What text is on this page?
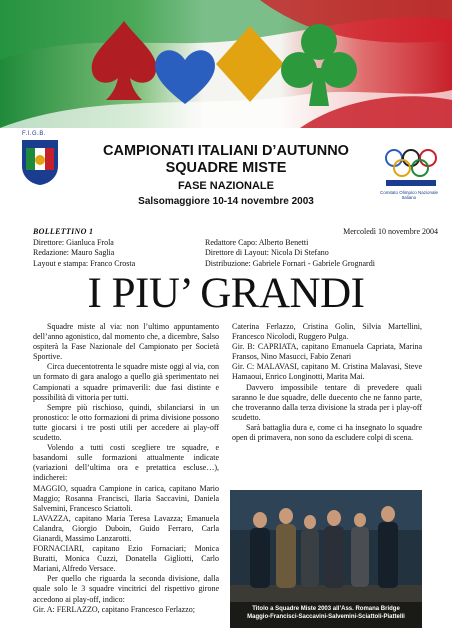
F.I.G.B.
Comitato Olimpico Nazionale Italiano
CAMPIONATI ITALIANI D’AUTUNNO
SQUADRE MISTE
FASE NAZIONALE
Salsomaggiore 10-14 novembre 2003
BOLLETTINO 1	Mercoledì 10 novembre 2004
Direttore: Gianluca Frola
Redazione: Mauro Saglia
Layout e stampa: Franco Crosta
Redattore Capo: Alberto Benetti
Direttore di Layout: Nicola Di Stefano
Distribuzione: Gabriele Fornari - Gabriele Grognardi
I PIU’ GRANDI

Squadre miste al via: non l’ultimo appuntamento dell’anno agonistico, dal momento che, a dicembre, Salso ospiterà la Fase Nazionale del Campionato per Società Sportive.

Circa duecentotrenta le squadre miste oggi al via, con un formato di gara analogo a quello già sperimentato nei Campionati a squadre primaverili: due fasi distinte e possibilità di vittoria per tutti.

Sempre più rischioso, quindi, sbilanciarsi in un pronostico: le otto formazioni di prima divisione possono tutte giocarsi i tre posti utili per accedere ai play-off scudetto.

Volendo a tutti costi scegliere tre squadre, e basandomi sulle formazioni attualmente indicate (variazioni dell’ultima ora e pretattica escluse…), indicherei:

MAGGIO, squadra Campione in carica, capitano Mario Maggio; Rosanna Francisci, Ilaria Saccavini, Daniela Salvemini, Francesco Sciattoli.

LAVAZZA, capitano Maria Teresa Lavazza; Emanuela Calandra, Giorgio Duboin, Guido Ferraro, Carla Gianardi, Massimo Lanzarotti.

FORNACIARI, capitano Ezio Fornaciari; Monica Buratti, Monica Cuzzi, Donatella Gigliotti, Carlo Mariani, Alfredo Versace.

Per quello che riguarda la seconda divisione, dalla quale solo le 3 squadre vincitrici del rispettivo girone accedono ai play-off, indico:

Gir. A: FERLAZZO, capitano Francesco Ferlazzo;

Caterina Ferlazzo, Cristina Golin, Silvia Martellini, Francesco Nicolodi, Ruggero Pulga.

Gir. B: CAPRIATA, capitano Emanuela Capriata, Marina Fransos, Nino Masucci, Fabio Zenari

Gir. C: MALAVASI, capitano M. Cristina Malavasi, Steve Hamaoui, Enrico Longinotti, Marita Mai.

Davvero impossibile tentare di prevedere quali saranno le due squadre, delle duecento che ne fanno parte, che troveranno dalla terza divisione la strada per i play-off scudetto.

Sarà battaglia dura e, come ci ha insegnato lo squadre open di primavera, non sono da escludere colpi di scena.

Titolo a Squadre Miste 2003 all’Ass. Romana Bridge
Maggio-Francisci-Saccavini-Salvemini-Sciattoli-Piattelli
